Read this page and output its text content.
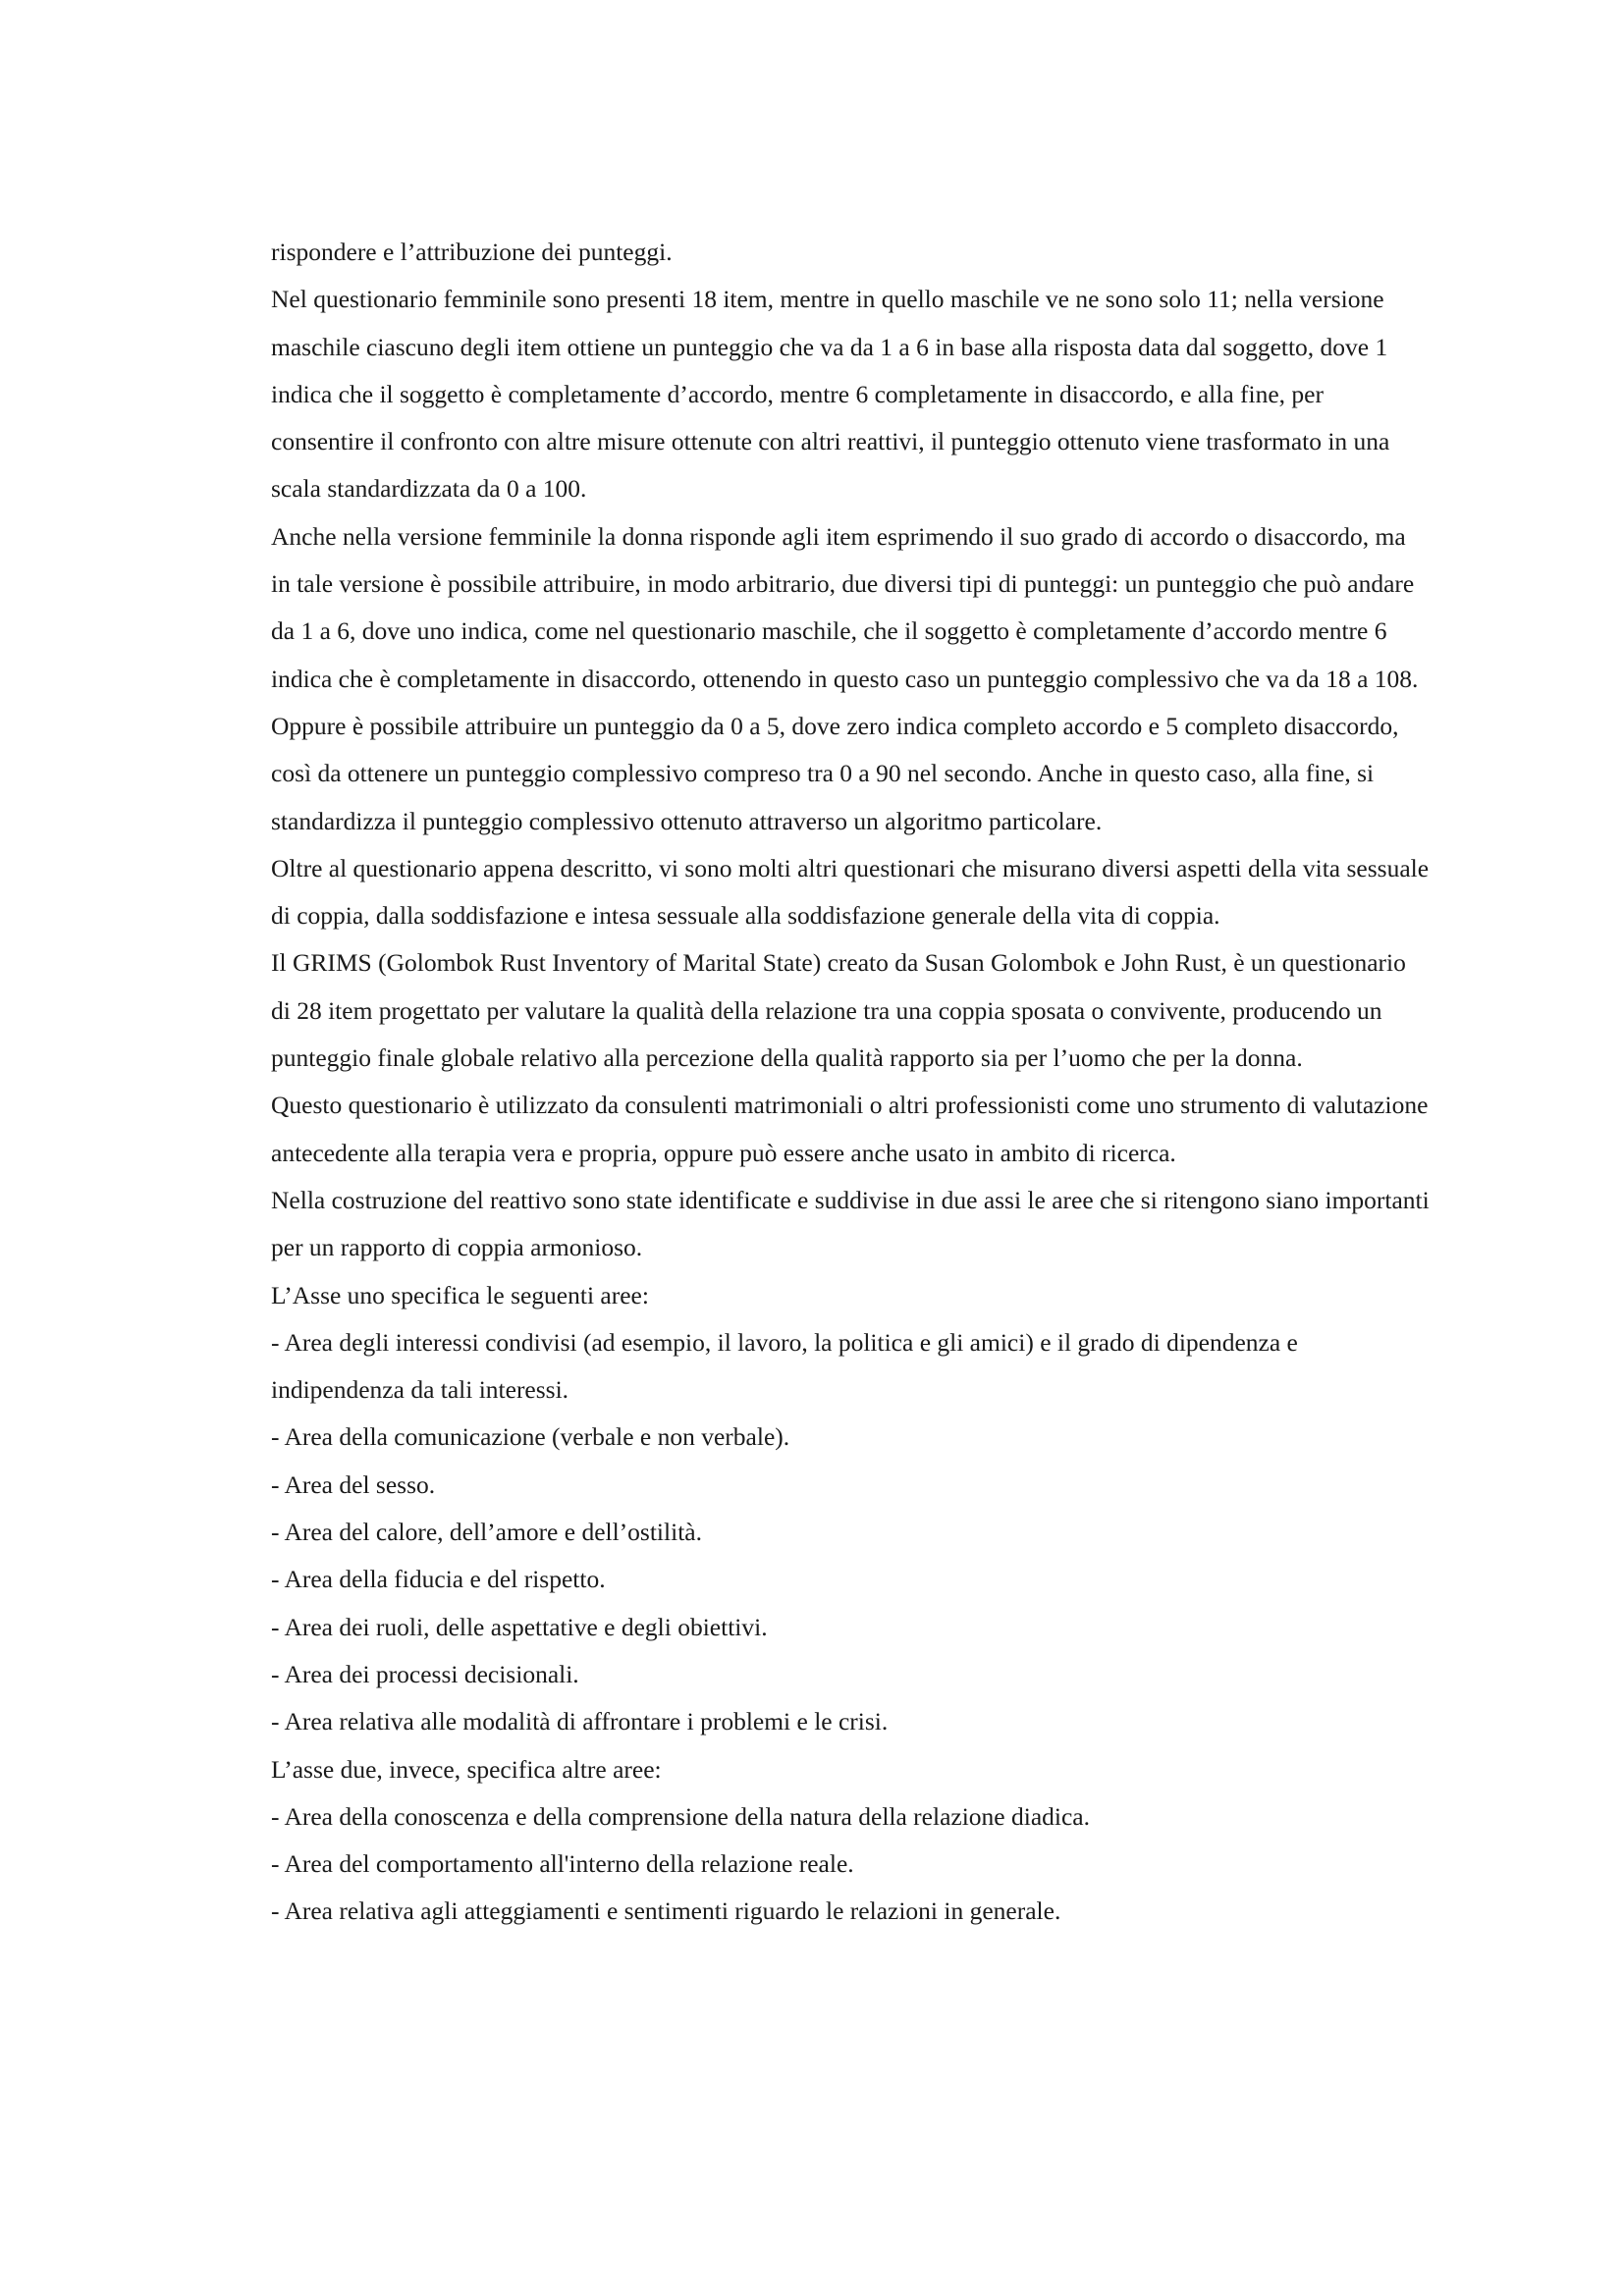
rispondere e l’attribuzione dei punteggi.

Nel questionario femminile sono presenti 18 item, mentre in quello maschile ve ne sono solo 11; nella versione maschile ciascuno degli item ottiene un punteggio che va da 1 a 6 in base alla risposta data dal soggetto, dove 1 indica che il soggetto è completamente d’accordo, mentre 6 completamente in disaccordo, e alla fine, per consentire il confronto con altre misure ottenute con altri reattivi, il punteggio ottenuto viene trasformato in una scala standardizzata da 0 a 100.

Anche nella versione femminile la donna risponde agli item esprimendo il suo grado di accordo o disaccordo, ma in tale versione è possibile attribuire, in modo arbitrario, due diversi tipi di punteggi: un punteggio che può andare da 1 a 6, dove uno indica, come nel questionario maschile, che il soggetto è completamente d’accordo mentre 6 indica che è completamente in disaccordo, ottenendo in questo caso un punteggio complessivo che va da 18 a 108. Oppure è possibile attribuire un punteggio da 0 a 5, dove zero indica completo accordo e 5 completo disaccordo, così da ottenere un punteggio complessivo compreso tra 0 a 90 nel secondo. Anche in questo caso, alla fine, si standardizza il punteggio complessivo ottenuto attraverso un algoritmo particolare.

Oltre al questionario appena descritto, vi sono molti altri questionari che misurano diversi aspetti della vita sessuale di coppia, dalla soddisfazione e intesa sessuale alla soddisfazione generale della vita di coppia.

Il GRIMS (Golombok Rust Inventory of Marital State) creato da Susan Golombok e John Rust, è un questionario di 28 item progettato per valutare la qualità della relazione tra una coppia sposata o convivente, producendo un punteggio finale globale relativo alla percezione della qualità rapporto sia per l’uomo che per la donna.

Questo questionario è utilizzato da consulenti matrimoniali o altri professionisti come uno strumento di valutazione antecedente alla terapia vera e propria, oppure può essere anche usato in ambito di ricerca.

Nella costruzione del reattivo sono state identificate e suddivise in due assi le aree che si ritengono siano importanti per un rapporto di coppia armonioso.

L’Asse uno specifica le seguenti aree:

- Area degli interessi condivisi (ad esempio, il lavoro, la politica e gli amici) e il grado di dipendenza e indipendenza da tali interessi.

- Area della comunicazione (verbale e non verbale).

- Area del sesso.

- Area del calore, dell’amore e dell’ostilità.

- Area della fiducia e del rispetto.

- Area dei ruoli, delle aspettative e degli obiettivi.

- Area dei processi decisionali.

- Area relativa alle modalità di affrontare i problemi e le crisi.

L’asse due, invece, specifica altre aree:

- Area della conoscenza e della comprensione della natura della relazione diadica.

- Area del comportamento all'interno della relazione reale.

- Area relativa agli atteggiamenti e sentimenti riguardo le relazioni in generale.
